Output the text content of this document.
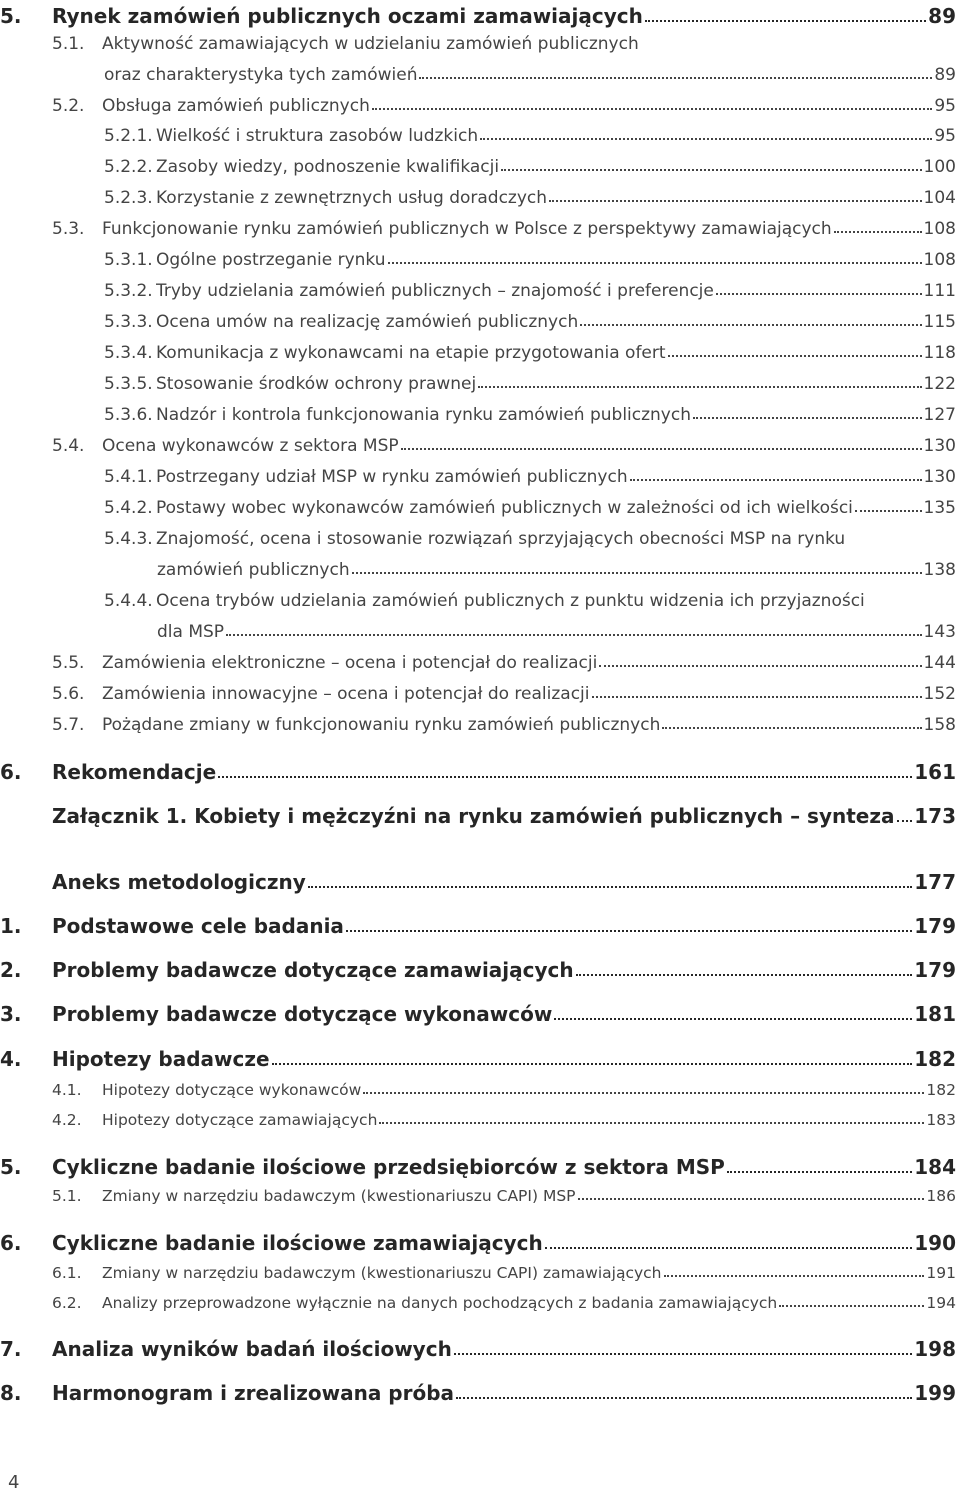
5.	Rynek zamówień publicznych oczami zamawiających	89
5.1.	Aktywność zamawiających w udzielaniu zamówień publicznych
oraz charakterystyka tych zamówień	89
5.2.	Obsługa zamówień publicznych	95
5.2.1. Wielkość i struktura zasobów ludzkich	95
5.2.2. Zasoby wiedzy, podnoszenie kwalifikacji	100
5.2.3. Korzystanie z zewnętrznych usług doradczych	104
5.3.	Funkcjonowanie rynku zamówień publicznych w Polsce z perspektywy zamawiających	108
5.3.1. Ogólne postrzeganie rynku	108
5.3.2. Tryby udzielania zamówień publicznych – znajomość i preferencje	111
5.3.3. Ocena umów na realizację zamówień publicznych	115
5.3.4. Komunikacja z wykonawcami na etapie przygotowania ofert	118
5.3.5. Stosowanie środków ochrony prawnej	122
5.3.6. Nadzór i kontrola funkcjonowania rynku zamówień publicznych	127
5.4.	Ocena wykonawców z sektora MSP	130
5.4.1. Postrzegany udział MSP w rynku zamówień publicznych	130
5.4.2. Postawy wobec wykonawców zamówień publicznych w zależności od ich wielkości	135
5.4.3. Znajomość, ocena i stosowanie rozwiązań sprzyjających obecności MSP na rynku
zamówień publicznych	138
5.4.4. Ocena trybów udzielania zamówień publicznych z punktu widzenia ich przyjazności
dla MSP	143
5.5.	Zamówienia elektroniczne – ocena i potencjał do realizacji	144
5.6.	Zamówienia innowacyjne – ocena i potencjał do realizacji	152
5.7.	Pożądane zmiany w funkcjonowaniu rynku zamówień publicznych	158
6.	Rekomendacje	161
Załącznik 1. Kobiety i mężczyźni na rynku zamówień publicznych – synteza 173
Aneks metodologiczny	177
1.	Podstawowe cele badania	179
2.	Problemy badawcze dotyczące zamawiających	179
3.	Problemy badawcze dotyczące wykonawców	181
4.	Hipotezy badawcze	182
4.1.	Hipotezy dotyczące wykonawców	182
4.2.	Hipotezy dotyczące zamawiających	183
5.	Cykliczne badanie ilościowe przedsiębiorców z sektora MSP	184
5.1.	Zmiany w narzędziu badawczym (kwestionariuszu CAPI) MSP	186
6.	Cykliczne badanie ilościowe zamawiających	190
6.1.	Zmiany w narzędziu badawczym (kwestionariuszu CAPI) zamawiających	191
6.2.	Analizy przeprowadzone wyłącznie na danych pochodzących z badania zamawiających	194
7.	Analiza wyników badań ilościowych	198
8.	Harmonogram i zrealizowana próba	199
4
